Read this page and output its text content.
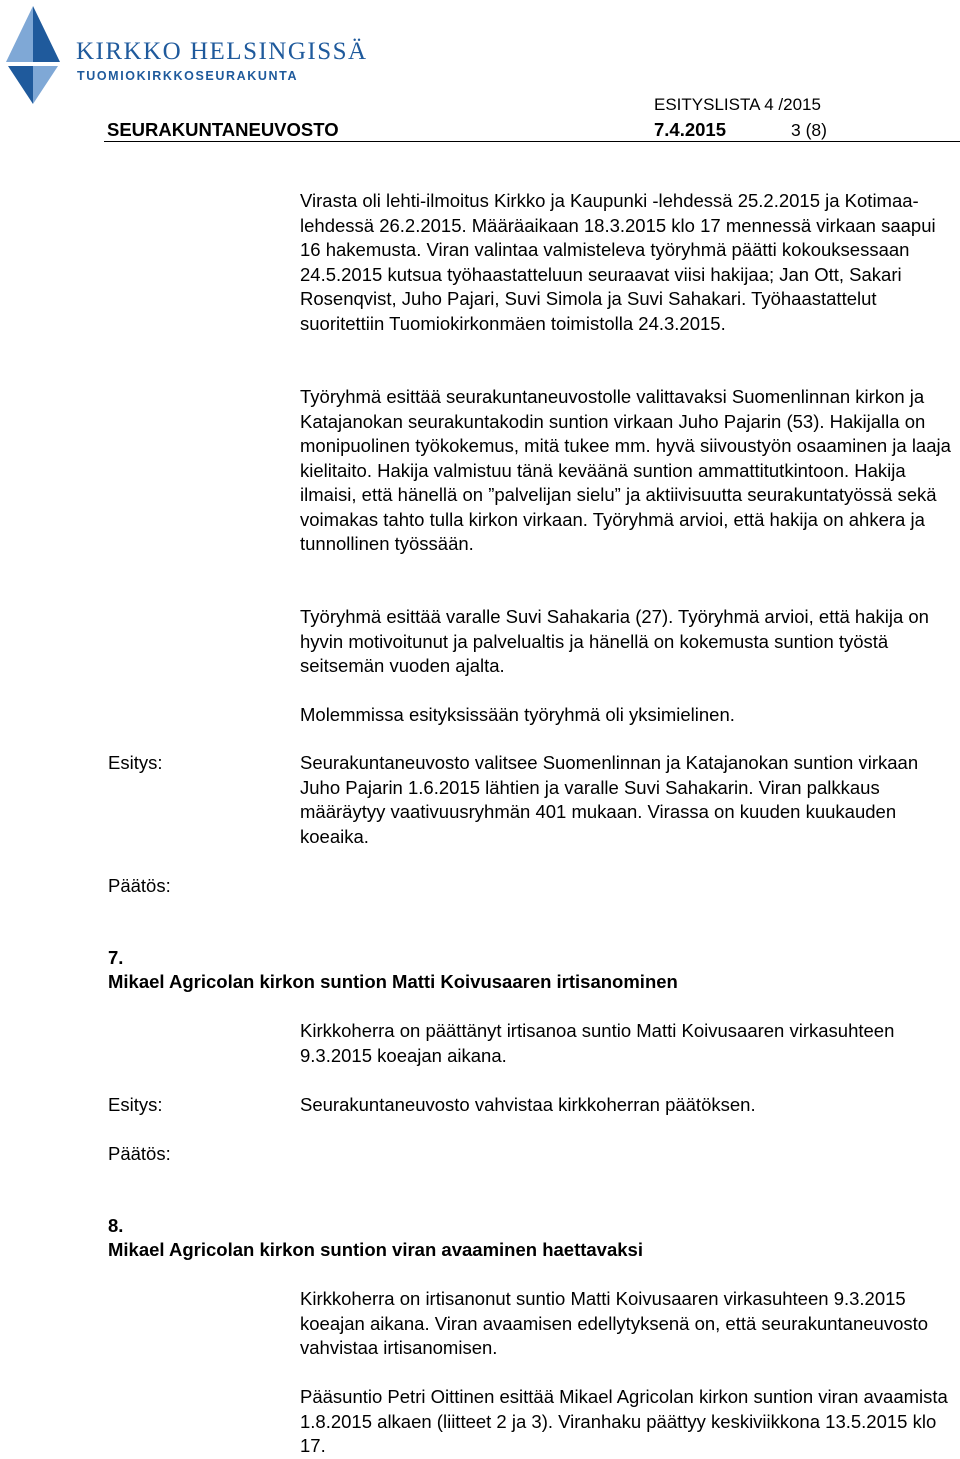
KIRKKO HELSINGISSÄ
TUOMIOKIRKKOSEURAKUNTA
ESITYSLISTA 4 /2015
SEURAKUNTANEUVOSTO	7.4.2015	3 (8)

Virasta oli lehti-ilmoitus Kirkko ja Kaupunki -lehdessä 25.2.2015 ja Kotimaa-lehdessä 26.2.2015. Määräaikaan 18.3.2015 klo 17 mennessä virkaan saapui 16 hakemusta. Viran valintaa valmisteleva työryhmä päätti kokouksessaan 24.5.2015 kutsua työhaastatteluun seuraavat viisi hakijaa; Jan Ott, Sakari Rosenqvist, Juho Pajari, Suvi Simola ja Suvi Sahakari. Työhaastattelut suoritettiin Tuomiokirkonmäen toimistolla 24.3.2015.

Työryhmä esittää seurakuntaneuvostolle valittavaksi Suomenlinnan kirkon ja Katajanokan seurakuntakodin suntion virkaan Juho Pajarin (53). Hakijalla on monipuolinen työkokemus, mitä tukee mm. hyvä siivoustyön osaaminen ja laaja kielitaito. Hakija valmistuu tänä keväänä suntion ammattitutkintoon. Hakija ilmaisi, että hänellä on ”palvelijan sielu” ja aktiivisuutta seurakuntatyössä sekä voimakas tahto tulla kirkon virkaan. Työryhmä arvioi, että hakija on ahkera ja tunnollinen työssään.

Työryhmä esittää varalle Suvi Sahakaria (27). Työryhmä arvioi, että hakija on hyvin motivoitunut ja palvelualtis ja hänellä on kokemusta suntion työstä seitsemän vuoden ajalta.

Molemmissa esityksissään työryhmä oli yksimielinen.

Esitys:	Seurakuntaneuvosto valitsee Suomenlinnan ja Katajanokan suntion virkaan Juho Pajarin 1.6.2015 lähtien ja varalle Suvi Sahakarin. Viran palkkaus määräytyy vaativuusryhmän 401 mukaan. Virassa on kuuden kuukauden koeaika.

Päätös:

7.

Mikael Agricolan kirkon suntion Matti Koivusaaren irtisanominen

Kirkkoherra on päättänyt irtisanoa suntio Matti Koivusaaren virkasuhteen 9.3.2015 koeajan aikana.

Esitys:	Seurakuntaneuvosto vahvistaa kirkkoherran päätöksen.

Päätös:

8.

Mikael Agricolan kirkon suntion viran avaaminen haettavaksi

Kirkkoherra on irtisanonut suntio Matti Koivusaaren virkasuhteen 9.3.2015 koeajan aikana. Viran avaamisen edellytyksenä on, että seurakuntaneuvosto vahvistaa irtisanomisen.

Pääsuntio Petri Oittinen esittää Mikael Agricolan kirkon suntion viran avaamista 1.8.2015 alkaen (liitteet 2 ja 3). Viranhaku päättyy keskiviikkona 13.5.2015 klo 17.
